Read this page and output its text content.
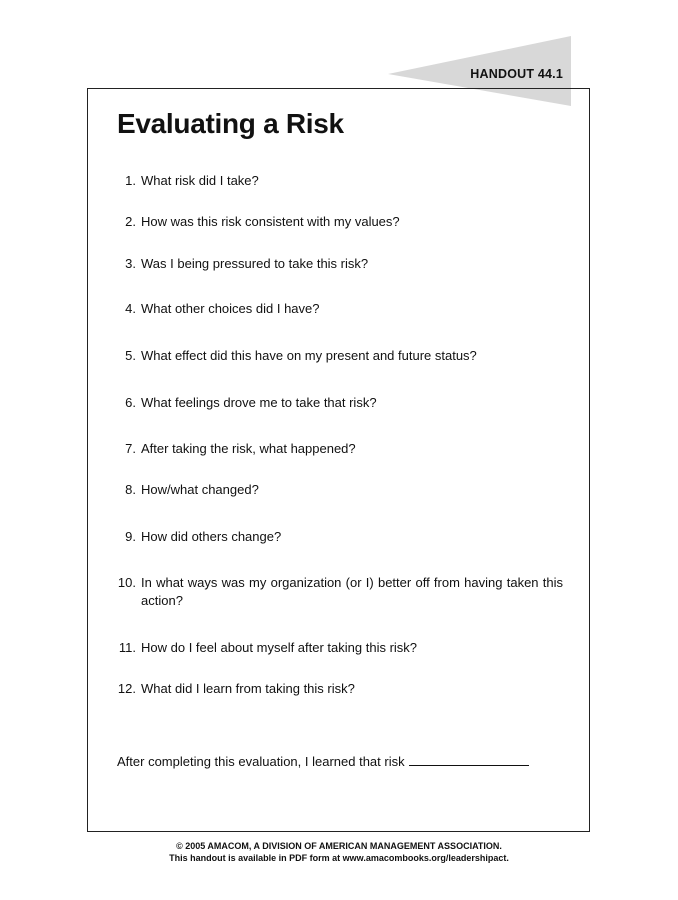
HANDOUT 44.1
Evaluating a Risk
1. What risk did I take?
2. How was this risk consistent with my values?
3. Was I being pressured to take this risk?
4. What other choices did I have?
5. What effect did this have on my present and future status?
6. What feelings drove me to take that risk?
7. After taking the risk, what happened?
8. How/what changed?
9. How did others change?
10. In what ways was my organization (or I) better off from having taken this action?
11. How do I feel about myself after taking this risk?
12. What did I learn from taking this risk?
After completing this evaluation, I learned that risk
© 2005 AMACOM, A DIVISION OF AMERICAN MANAGEMENT ASSOCIATION.
This handout is available in PDF form at www.amacombooks.org/leadershipact.
